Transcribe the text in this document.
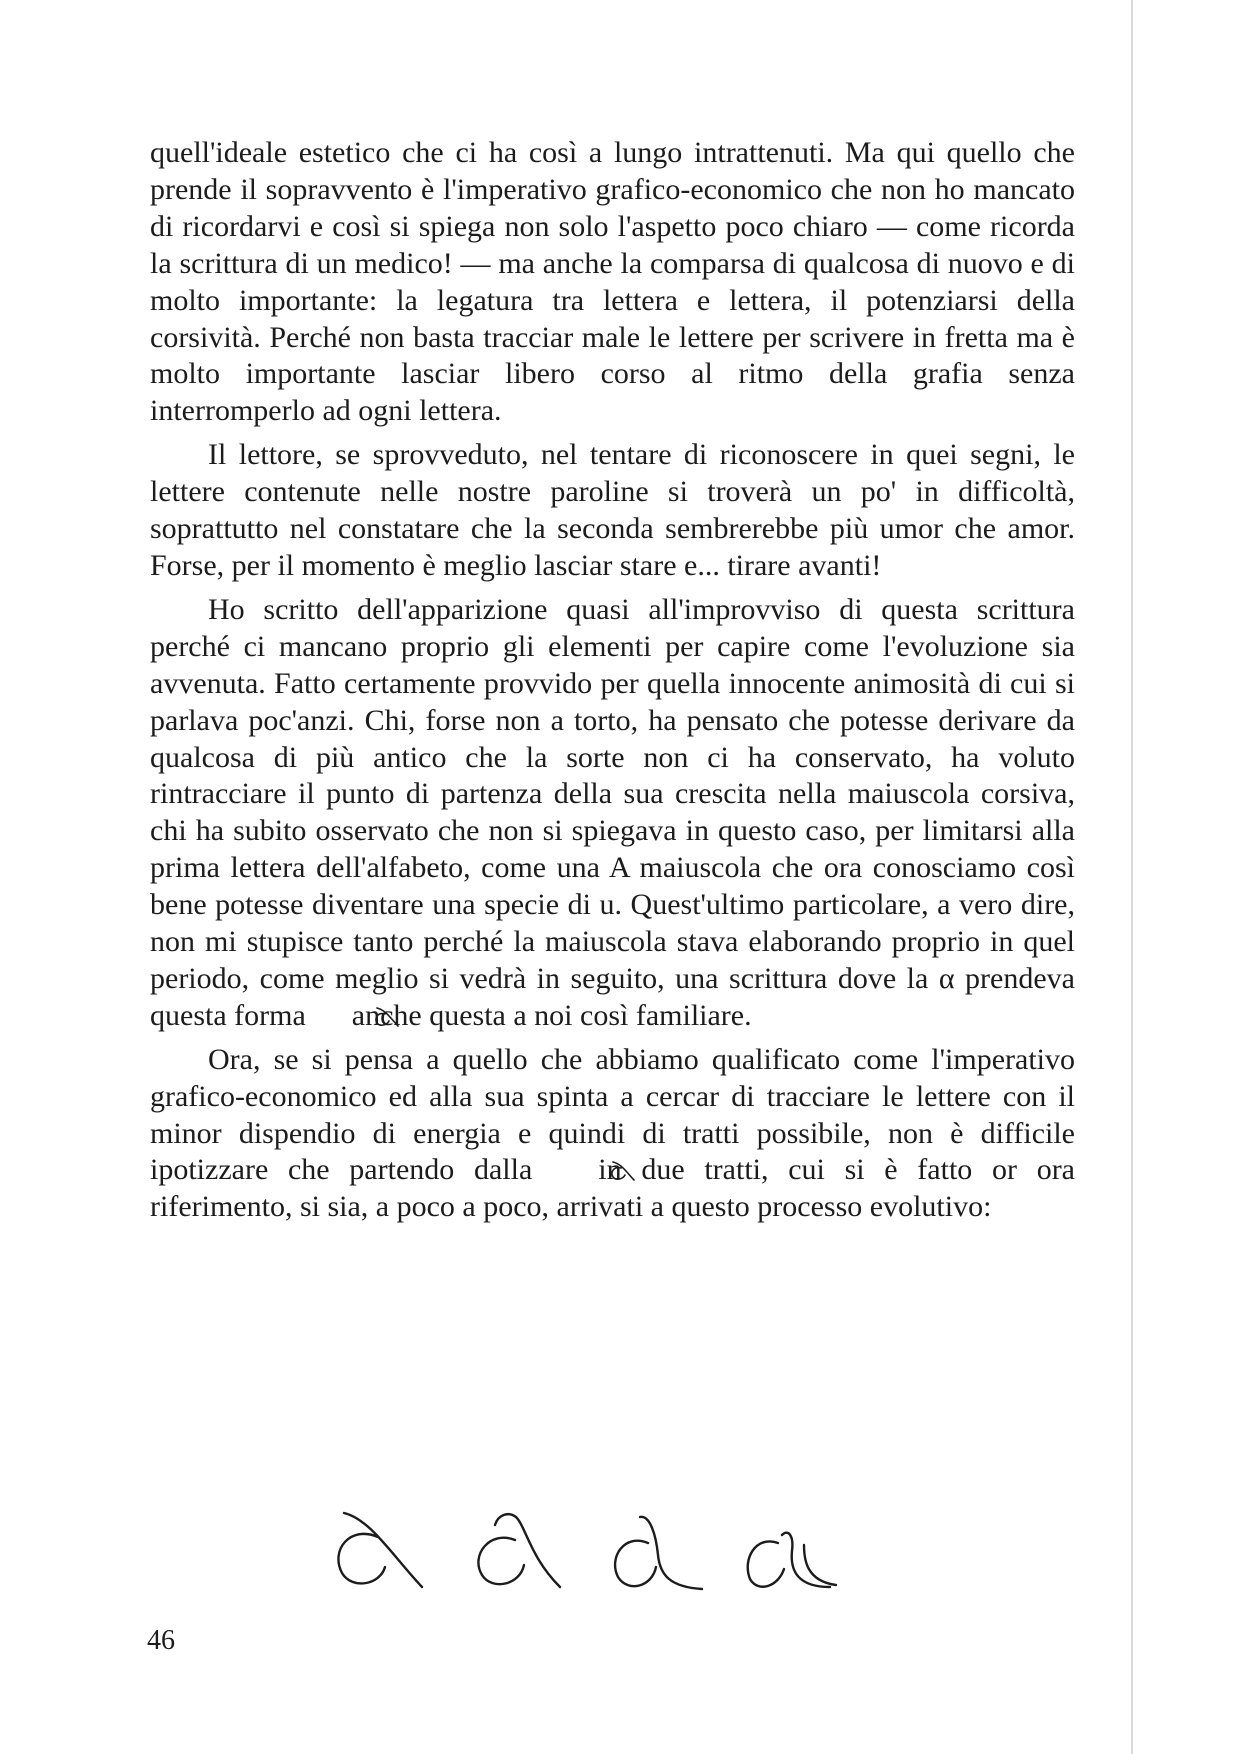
quell'ideale estetico che ci ha così a lungo intrattenuti. Ma qui quello che prende il sopravvento è l'imperativo grafico-economico che non ho mancato di ricordarvi e così si spiega non solo l'aspetto poco chiaro — come ricorda la scrittura di un medico! — ma anche la comparsa di qualcosa di nuovo e di molto importante: la legatura tra lettera e lettera, il potenziarsi della corsività. Perché non basta tracciar male le lettere per scrivere in fretta ma è molto importante lasciar libero corso al ritmo della grafia senza interromperlo ad ogni lettera.

Il lettore, se sprovveduto, nel tentare di riconoscere in quei segni, le lettere contenute nelle nostre paroline si troverà un po' in difficoltà, soprattutto nel constatare che la seconda sembrerebbe più umor che amor. Forse, per il momento è meglio lasciar stare e... tirare avanti!

Ho scritto dell'apparizione quasi all'improvviso di questa scrittura perché ci mancano proprio gli elementi per capire come l'evoluzione sia avvenuta. Fatto certamente provvido per quella innocente animosità di cui si parlava poc'anzi. Chi, forse non a torto, ha pensato che potesse derivare da qualcosa di più antico che la sorte non ci ha conservato, ha voluto rintracciare il punto di partenza della sua crescita nella maiuscola corsiva, chi ha subito osservato che non si spiegava in questo caso, per limitarsi alla prima lettera dell'alfabeto, come una A maiuscola che ora conosciamo così bene potesse diventare una specie di u. Quest'ultimo particolare, a vero dire, non mi stupisce tanto perché la maiuscola stava elaborando proprio in quel periodo, come meglio si vedrà in seguito, una scrittura dove la α prendeva questa forma anche questa a noi così familiare.

Ora, se si pensa a quello che abbiamo qualificato come l'imperativo grafico-economico ed alla sua spinta a cercar di tracciare le lettere con il minor dispendio di energia e quindi di tratti possibile, non è difficile ipotizzare che partendo dalla in due tratti, cui si è fatto or ora riferimento, si sia, a poco a poco, arrivati a questo processo evolutivo:

46
